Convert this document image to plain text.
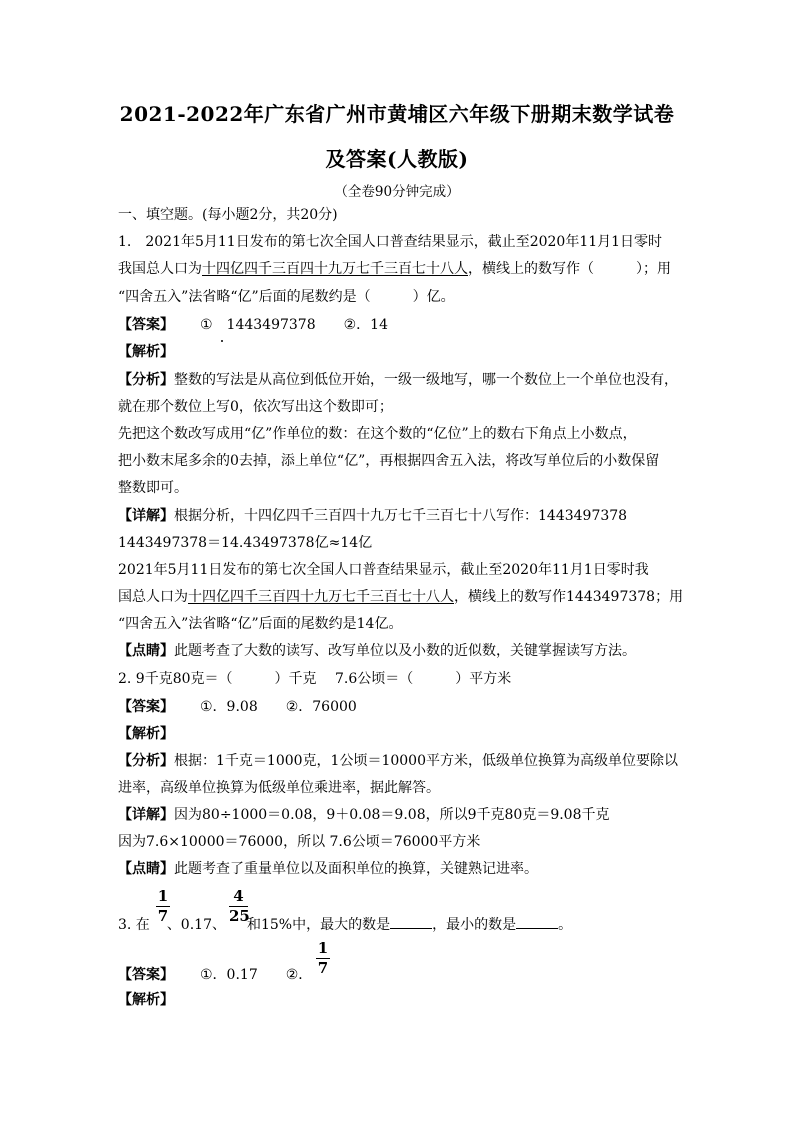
2021-2022年广东省广州市黄埔区六年级下册期末数学试卷
及答案(人教版)
（全卷90分钟完成）
一、填空题。(每小题2分，共20分)
1.　2021年5月11日发布的第七次全国人口普查结果显示，截止至2020年11月1日零时
我国总人口为十四亿四千三百四十九万七千三百七十八人，横线上的数写作（　　　）；用
“四舍五入”法省略“亿”后面的尾数约是（　　　）亿。
【答案】 ①　1443497378　　②．14
【解析】
【分析】整数的写法是从高位到低位开始，一级一级地写，哪一个数位上一个单位也没有，
就在那个数位上写0，依次写出这个数即可；
先把这个数改写成用“亿”作单位的数：在这个数的“亿位”上的数右下角点上小数点，
把小数末尾多余的0去掉，添上单位“亿”，再根据四舍五入法，将改写单位后的小数保留
整数即可。
【详解】根据分析，十四亿四千三百四十九万七千三百七十八写作：1443497378
1443497378＝14.43497378亿≈14亿
2021年5月11日发布的第七次全国人口普查结果显示，截止至2020年11月1日零时我
国总人口为十四亿四千三百四十九万七千三百七十八人，横线上的数写作1443497378；用
“四舍五入”法省略“亿”后面的尾数约是14亿。
【点睛】此题考查了大数的读写、改写单位以及小数的近似数，关键掌握读写方法。
2. 9千克80克＝（　　　）千克　 7.6公顷＝（　　　）平方米
【答案】 ①．9.08　　②．76000
【解析】
【分析】根据：1千克＝1000克，1公顷＝10000平方米，低级单位换算为高级单位要除以
进率，高级单位换算为低级单位乘进率，据此解答。
【详解】因为80÷1000＝0.08，9＋0.08＝9.08，所以9千克80克＝9.08千克
因为7.6×10000＝76000，所以 7.6公顷＝76000平方米
【点睛】此题考查了重量单位以及面积单位的换算，关键熟记进率。
1
7
4
25
3. 在 、0.17、 和15%中，最大的数是	，最小的数是	。
【答案】 ①．0.17　　②．
1
7
【解析】
